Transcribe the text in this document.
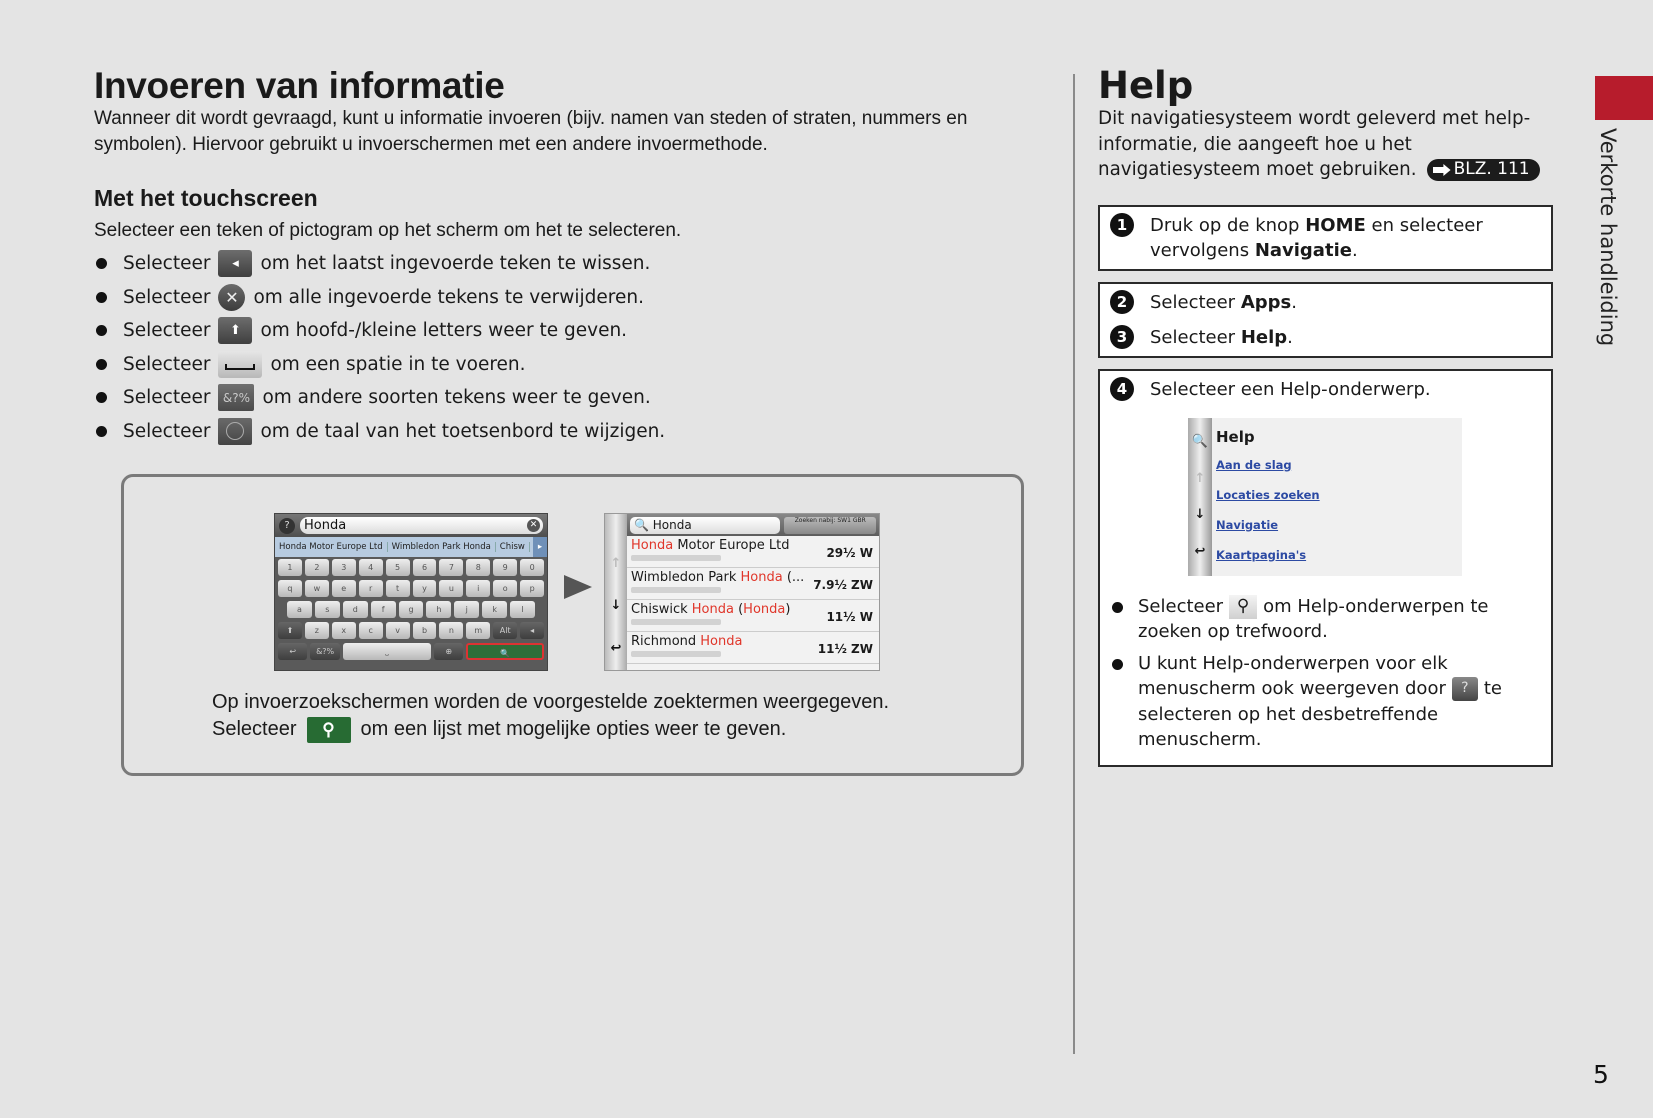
Invoeren van informatie
Wanneer dit wordt gevraagd, kunt u informatie invoeren (bijv. namen van steden of straten, nummers en symbolen). Hiervoor gebruikt u invoerschermen met een andere invoermethode.
Met het touchscreen
Selecteer een teken of pictogram op het scherm om het te selecteren.
Selecteer	◂	om het laatst ingevoerde teken te wissen.
Selecteer ✕ om alle ingevoerde tekens te verwijderen.
Selecteer	⬆	om hoofd-/kleine letters weer te geven.
Selecteer	om een spatie in te voeren.
Selecteer	&?% om andere soorten tekens weer te geven.
Selecteer	om de taal van het toetsenbord te wijzigen.
?	Honda	✕
Honda Motor Europe Ltd	Wimbledon Park Honda	Chisw	▸
1	2	3	4	5	6	7	8	9	0
q	w	e	r	t	y	u	i	o	p
a	s	d	f	g	h	j	k	l
⬆	z	x	c	v	b	n	m	Alt	◂
↩	&?%	⎵	⊕	🔍
↑
↓
↩
🔍 Honda	Zoeken nabij: SW1 GBR
Honda Motor Europe Ltd	29½ W
Wimbledon Park Honda (... 7.9½ ZW
Chiswick Honda (Honda)	11½ W
Richmond Honda	11½ ZW
Op invoerzoekschermen worden de voorgestelde zoektermen weergegeven.
Selecteer ⚲ om een lijst met mogelijke opties weer te geven.
Help
Dit navigatiesysteem wordt geleverd met help-informatie, die aangeeft hoe u het navigatiesysteem moet gebruiken. BLZ. 111
1	Druk op de knop HOME en selecteer vervolgens Navigatie.
2	Selecteer Apps.
3	Selecteer Help.
4	Selecteer een Help-onderwerp.
🔍
↑
↓
↩
Help
Aan de slag
Locaties zoeken
Navigatie
Kaartpagina's
Selecteer ⚲ om Help-onderwerpen te zoeken op trefwoord.
U kunt Help-onderwerpen voor elk menuscherm ook weergeven door ? te selecteren op het desbetreffende menuscherm.
Verkorte handleiding
5
